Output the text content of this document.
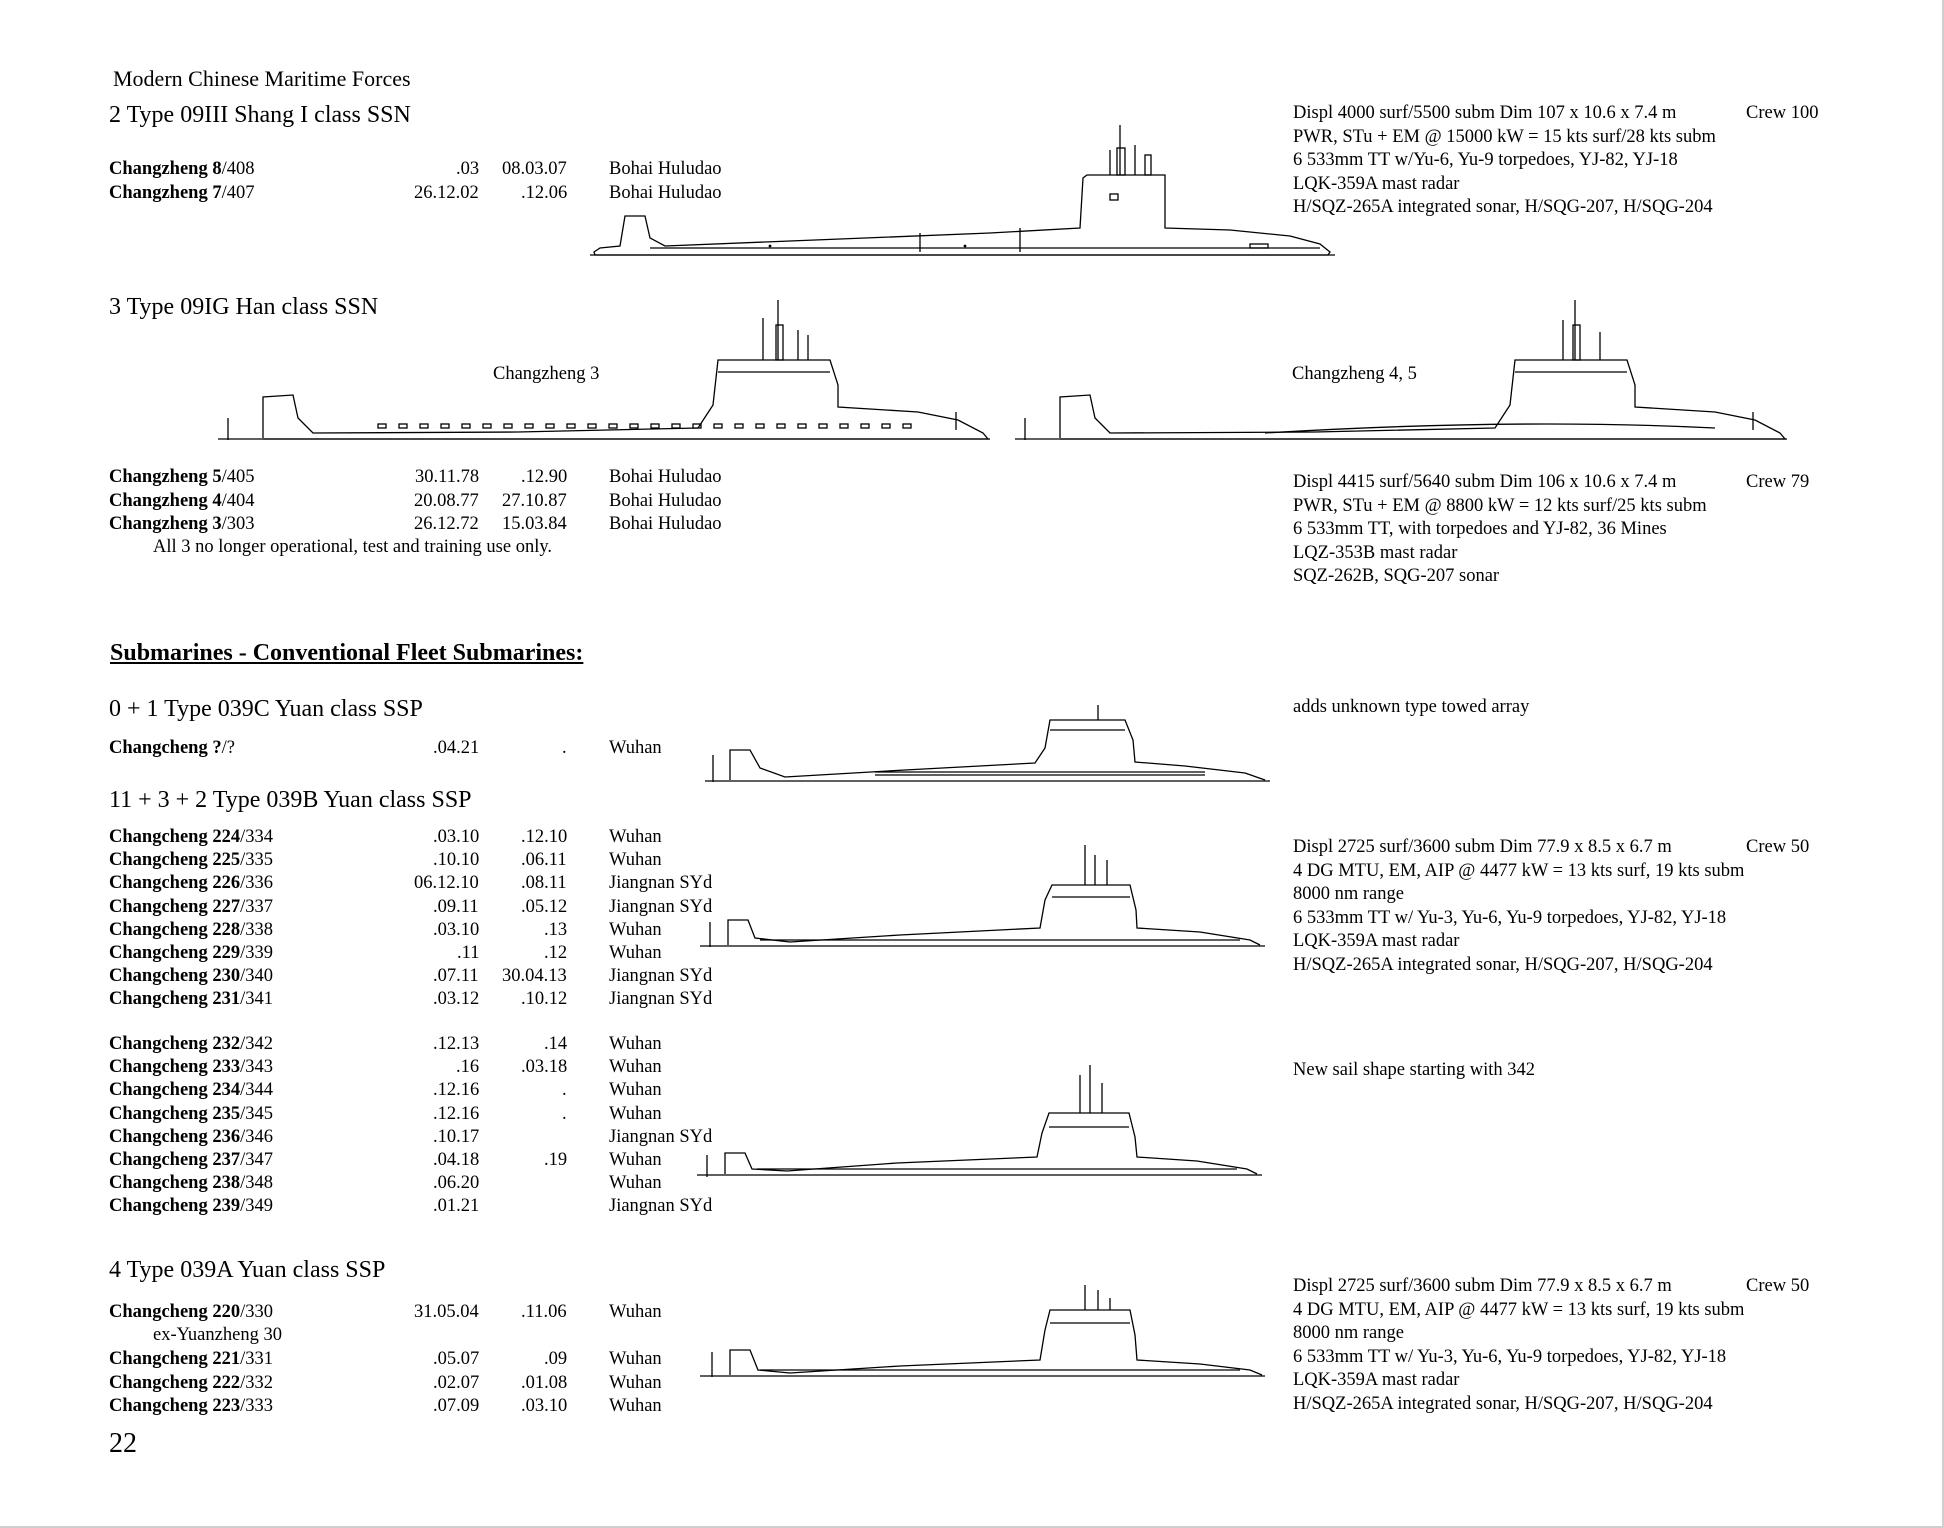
Modern Chinese Maritime Forces
2 Type 09III Shang I class SSN
Changzheng 8/408	.03 08.03.07 Bohai Huludao
Changzheng 7/407	26.12.02 .12.06 Bohai Huludao
Displ 4000 surf/5500 subm Dim 107 x 10.6 x 7.4 m
PWR, STu + EM @ 15000 kW = 15 kts surf/28 kts subm
6 533mm TT w/Yu-6, Yu-9 torpedoes, YJ-82, YJ-18
LQK-359A mast radar
H/SQZ-265A integrated sonar, H/SQG-207, H/SQG-204
Crew 100
3 Type 09IG Han class SSN
Changzheng 3	Changzheng 4, 5
Changzheng 5/405	30.11.78 .12.90 Bohai Huludao
Changzheng 4/404	20.08.77 27.10.87 Bohai Huludao
Changzheng 3/303	26.12.72 15.03.84 Bohai Huludao
All 3 no longer operational, test and training use only.
Displ 4415 surf/5640 subm Dim 106 x 10.6 x 7.4 m
PWR, STu + EM @ 8800 kW = 12 kts surf/25 kts subm
6 533mm TT, with torpedoes and YJ-82, 36 Mines
LQZ-353B mast radar
SQZ-262B, SQG-207 sonar
Crew 79
Submarines - Conventional Fleet Submarines:
0 + 1 Type 039C Yuan class SSP
Changcheng ?/?	.04.21	. Wuhan
adds unknown type towed array
11 + 3 + 2 Type 039B Yuan class SSP
Changcheng 224/334	.03.10 .12.10 Wuhan
Changcheng 225/335	.10.10 .06.11 Wuhan
Changcheng 226/336	06.12.10 .08.11 Jiangnan SYd
Changcheng 227/337	.09.11 .05.12 Jiangnan SYd
Changcheng 228/338	.03.10	.13 Wuhan
Changcheng 229/339	.11	.12 Wuhan
Changcheng 230/340	.07.11 30.04.13 Jiangnan SYd
Changcheng 231/341	.03.12 .10.12 Jiangnan SYd
Changcheng 232/342	.12.13	.14 Wuhan
Changcheng 233/343	.16 .03.18 Wuhan
Changcheng 234/344	.12.16	. Wuhan
Changcheng 235/345	.12.16	. Wuhan
Changcheng 236/346	.10.17	Jiangnan SYd
Changcheng 237/347	.04.18	.19 Wuhan
Changcheng 238/348	.06.20	Wuhan
Changcheng 239/349	.01.21	Jiangnan SYd
Displ 2725 surf/3600 subm Dim 77.9 x 8.5 x 6.7 m
4 DG MTU, EM, AIP @ 4477 kW = 13 kts surf, 19 kts subm
8000 nm range
6 533mm TT w/ Yu-3, Yu-6, Yu-9 torpedoes, YJ-82, YJ-18
LQK-359A mast radar
H/SQZ-265A integrated sonar, H/SQG-207, H/SQG-204
Crew 50
New sail shape starting with 342
4 Type 039A Yuan class SSP
Changcheng 220/330	31.05.04 .11.06 Wuhan
Changcheng 221/331	.05.07	.09 Wuhan
Changcheng 222/332	.02.07 .01.08 Wuhan
Changcheng 223/333	.07.09 .03.10 Wuhan
ex-Yuanzheng 30
Displ 2725 surf/3600 subm Dim 77.9 x 8.5 x 6.7 m
4 DG MTU, EM, AIP @ 4477 kW = 13 kts surf, 19 kts subm
8000 nm range
6 533mm TT w/ Yu-3, Yu-6, Yu-9 torpedoes, YJ-82, YJ-18
LQK-359A mast radar
H/SQZ-265A integrated sonar, H/SQG-207, H/SQG-204
Crew 50
22
